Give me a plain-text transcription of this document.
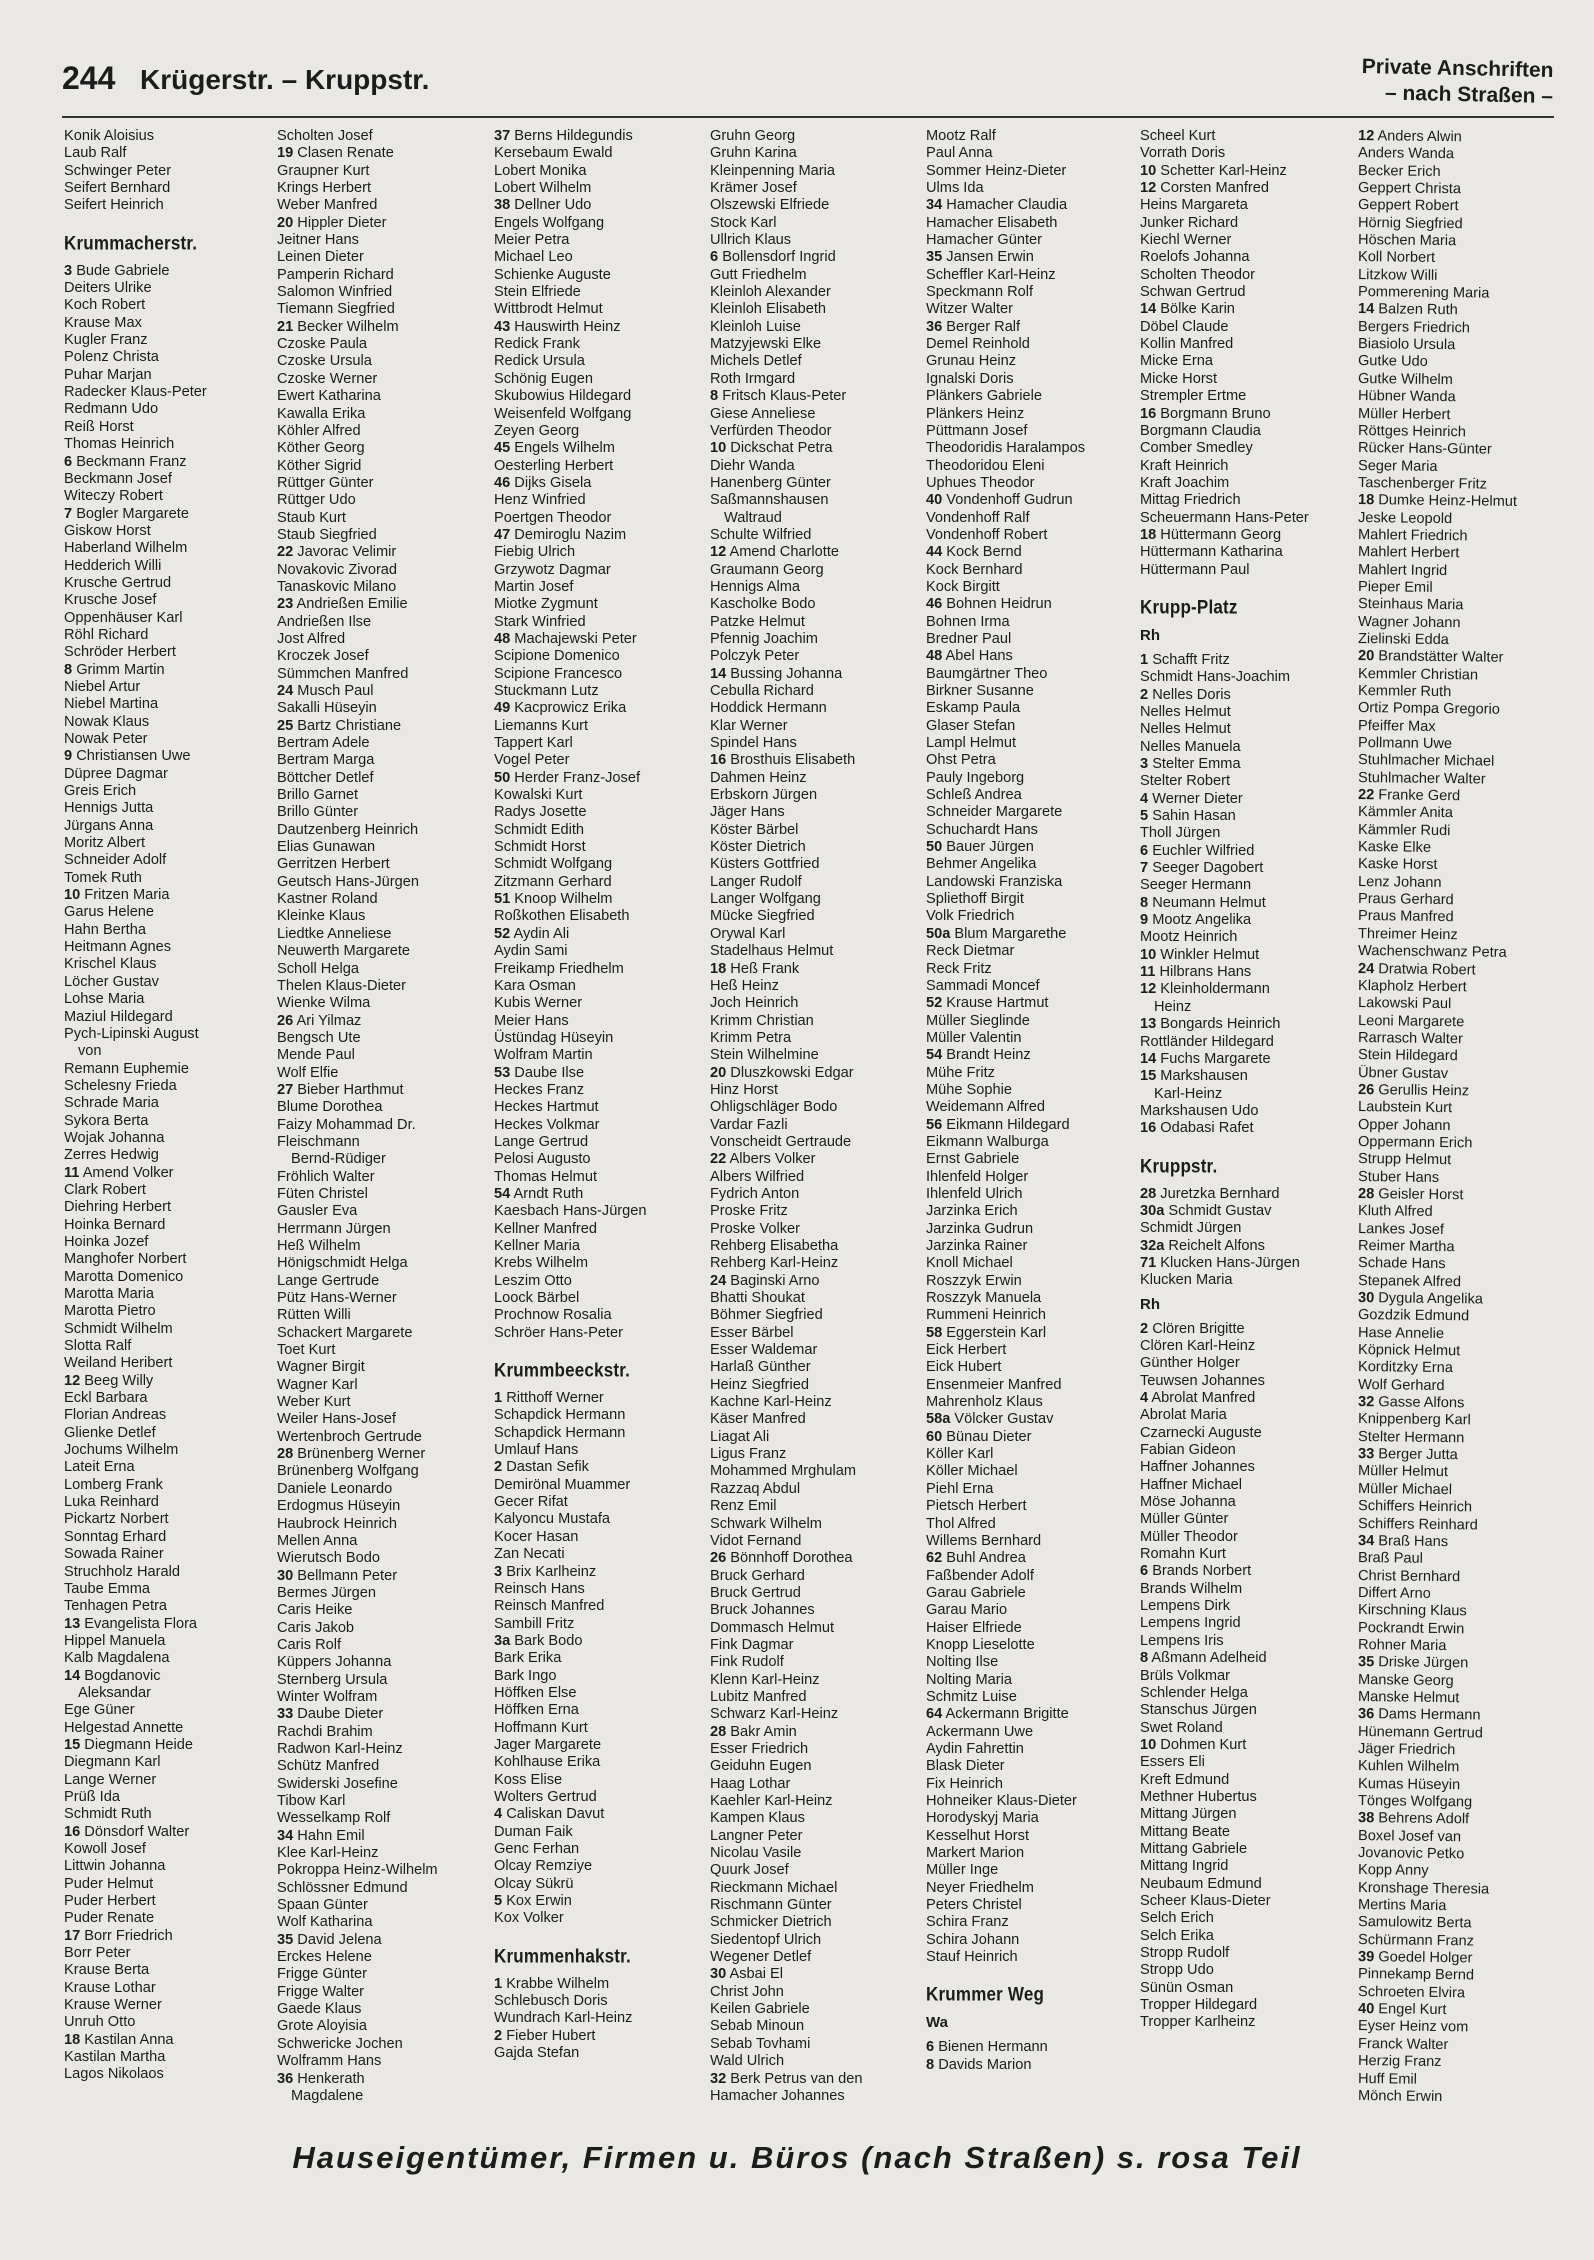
244 Krügerstr. – Kruppstr.	Private Anschriften
– nach Straßen –
Konik Aloisius
Laub Ralf
Schwinger Peter
Seifert Bernhard
Seifert Heinrich
Krummacherstr.
3 Bude Gabriele
Deiters Ulrike
Koch Robert
Krause Max
Kugler Franz
Polenz Christa
Puhar Marjan
Radecker Klaus-Peter
Redmann Udo
Reiß Horst
Thomas Heinrich
6 Beckmann Franz
Beckmann Josef
Witeczy Robert
7 Bogler Margarete
Giskow Horst
Haberland Wilhelm
Hedderich Willi
Krusche Gertrud
Krusche Josef
Oppenhäuser Karl
Röhl Richard
Schröder Herbert
8 Grimm Martin
Niebel Artur
Niebel Martina
Nowak Klaus
Nowak Peter
9 Christiansen Uwe
Düpree Dagmar
Greis Erich
Hennigs Jutta
Jürgans Anna
Moritz Albert
Schneider Adolf
Tomek Ruth
10 Fritzen Maria
Garus Helene
Hahn Bertha
Heitmann Agnes
Krischel Klaus
Löcher Gustav
Lohse Maria
Maziul Hildegard
Pych-Lipinski August
von
Remann Euphemie
Schelesny Frieda
Schrade Maria
Sykora Berta
Wojak Johanna
Zerres Hedwig
11 Amend Volker
Clark Robert
Diehring Herbert
Hoinka Bernard
Hoinka Jozef
Manghofer Norbert
Marotta Domenico
Marotta Maria
Marotta Pietro
Schmidt Wilhelm
Slotta Ralf
Weiland Heribert
12 Beeg Willy
Eckl Barbara
Florian Andreas
Glienke Detlef
Jochums Wilhelm
Lateit Erna
Lomberg Frank
Luka Reinhard
Pickartz Norbert
Sonntag Erhard
Sowada Rainer
Struchholz Harald
Taube Emma
Tenhagen Petra
13 Evangelista Flora
Hippel Manuela
Kalb Magdalena
14 Bogdanovic
Aleksandar
Ege Güner
Helgestad Annette
15 Diegmann Heide
Diegmann Karl
Lange Werner
Prüß Ida
Schmidt Ruth
16 Dönsdorf Walter
Kowoll Josef
Littwin Johanna
Puder Helmut
Puder Herbert
Puder Renate
17 Borr Friedrich
Borr Peter
Krause Berta
Krause Lothar
Krause Werner
Unruh Otto
18 Kastilan Anna
Kastilan Martha
Lagos Nikolaos
Scholten Josef
19 Clasen Renate
Graupner Kurt
Krings Herbert
Weber Manfred
20 Hippler Dieter
Jeitner Hans
Leinen Dieter
Pamperin Richard
Salomon Winfried
Tiemann Siegfried
21 Becker Wilhelm
Czoske Paula
Czoske Ursula
Czoske Werner
Ewert Katharina
Kawalla Erika
Köhler Alfred
Köther Georg
Köther Sigrid
Rüttger Günter
Rüttger Udo
Staub Kurt
Staub Siegfried
22 Javorac Velimir
Novakovic Zivorad
Tanaskovic Milano
23 Andrießen Emilie
Andrießen Ilse
Jost Alfred
Kroczek Josef
Sümmchen Manfred
24 Musch Paul
Sakalli Hüseyin
25 Bartz Christiane
Bertram Adele
Bertram Marga
Böttcher Detlef
Brillo Garnet
Brillo Günter
Dautzenberg Heinrich
Elias Gunawan
Gerritzen Herbert
Geutsch Hans-Jürgen
Kastner Roland
Kleinke Klaus
Liedtke Anneliese
Neuwerth Margarete
Scholl Helga
Thelen Klaus-Dieter
Wienke Wilma
26 Ari Yilmaz
Bengsch Ute
Mende Paul
Wolf Elfie
27 Bieber Harthmut
Blume Dorothea
Faizy Mohammad Dr.
Fleischmann
Bernd-Rüdiger
Fröhlich Walter
Füten Christel
Gausler Eva
Herrmann Jürgen
Heß Wilhelm
Hönigschmidt Helga
Lange Gertrude
Pütz Hans-Werner
Rütten Willi
Schackert Margarete
Toet Kurt
Wagner Birgit
Wagner Karl
Weber Kurt
Weiler Hans-Josef
Wertenbroch Gertrude
28 Brünenberg Werner
Brünenberg Wolfgang
Daniele Leonardo
Erdogmus Hüseyin
Haubrock Heinrich
Mellen Anna
Wierutsch Bodo
30 Bellmann Peter
Bermes Jürgen
Caris Heike
Caris Jakob
Caris Rolf
Küppers Johanna
Sternberg Ursula
Winter Wolfram
33 Daube Dieter
Rachdi Brahim
Radwon Karl-Heinz
Schütz Manfred
Swiderski Josefine
Tibow Karl
Wesselkamp Rolf
34 Hahn Emil
Klee Karl-Heinz
Pokroppa Heinz-Wilhelm
Schlössner Edmund
Spaan Günter
Wolf Katharina
35 David Jelena
Erckes Helene
Frigge Günter
Frigge Walter
Gaede Klaus
Grote Aloyisia
Schwericke Jochen
Wolframm Hans
36 Henkerath
Magdalene
37 Berns Hildegundis
Kersebaum Ewald
Lobert Monika
Lobert Wilhelm
38 Dellner Udo
Engels Wolfgang
Meier Petra
Michael Leo
Schienke Auguste
Stein Elfriede
Wittbrodt Helmut
43 Hauswirth Heinz
Redick Frank
Redick Ursula
Schönig Eugen
Skubowius Hildegard
Weisenfeld Wolfgang
Zeyen Georg
45 Engels Wilhelm
Oesterling Herbert
46 Dijks Gisela
Henz Winfried
Poertgen Theodor
47 Demiroglu Nazim
Fiebig Ulrich
Grzywotz Dagmar
Martin Josef
Miotke Zygmunt
Stark Winfried
48 Machajewski Peter
Scipione Domenico
Scipione Francesco
Stuckmann Lutz
49 Kacprowicz Erika
Liemanns Kurt
Tappert Karl
Vogel Peter
50 Herder Franz-Josef
Kowalski Kurt
Radys Josette
Schmidt Edith
Schmidt Horst
Schmidt Wolfgang
Zitzmann Gerhard
51 Knoop Wilhelm
Roßkothen Elisabeth
52 Aydin Ali
Aydin Sami
Freikamp Friedhelm
Kara Osman
Kubis Werner
Meier Hans
Üstündag Hüseyin
Wolfram Martin
53 Daube Ilse
Heckes Franz
Heckes Hartmut
Heckes Volkmar
Lange Gertrud
Pelosi Augusto
Thomas Helmut
54 Arndt Ruth
Kaesbach Hans-Jürgen
Kellner Manfred
Kellner Maria
Krebs Wilhelm
Leszim Otto
Loock Bärbel
Prochnow Rosalia
Schröer Hans-Peter
Krummbeeckstr.
1 Ritthoff Werner
Schapdick Hermann
Schapdick Hermann
Umlauf Hans
2 Dastan Sefik
Demirönal Muammer
Gecer Rifat
Kalyoncu Mustafa
Kocer Hasan
Zan Necati
3 Brix Karlheinz
Reinsch Hans
Reinsch Manfred
Sambill Fritz
3a Bark Bodo
Bark Erika
Bark Ingo
Höffken Else
Höffken Erna
Hoffmann Kurt
Jager Margarete
Kohlhause Erika
Koss Elise
Wolters Gertrud
4 Caliskan Davut
Duman Faik
Genc Ferhan
Olcay Remziye
Olcay Sükrü
5 Kox Erwin
Kox Volker
Krummenhakstr.
1 Krabbe Wilhelm
Schlebusch Doris
Wundrach Karl-Heinz
2 Fieber Hubert
Gajda Stefan
Gruhn Georg
Gruhn Karina
Kleinpenning Maria
Krämer Josef
Olszewski Elfriede
Stock Karl
Ullrich Klaus
6 Bollensdorf Ingrid
Gutt Friedhelm
Kleinloh Alexander
Kleinloh Elisabeth
Kleinloh Luise
Matzyjewski Elke
Michels Detlef
Roth Irmgard
8 Fritsch Klaus-Peter
Giese Anneliese
Verfürden Theodor
10 Dickschat Petra
Diehr Wanda
Hanenberg Günter
Saßmannshausen
Waltraud
Schulte Wilfried
12 Amend Charlotte
Graumann Georg
Hennigs Alma
Kascholke Bodo
Patzke Helmut
Pfennig Joachim
Polczyk Peter
14 Bussing Johanna
Cebulla Richard
Hoddick Hermann
Klar Werner
Spindel Hans
16 Brosthuis Elisabeth
Dahmen Heinz
Erbskorn Jürgen
Jäger Hans
Köster Bärbel
Köster Dietrich
Küsters Gottfried
Langer Rudolf
Langer Wolfgang
Mücke Siegfried
Orywal Karl
Stadelhaus Helmut
18 Heß Frank
Heß Heinz
Joch Heinrich
Krimm Christian
Krimm Petra
Stein Wilhelmine
20 Dluszkowski Edgar
Hinz Horst
Ohligschläger Bodo
Vardar Fazli
Vonscheidt Gertraude
22 Albers Volker
Albers Wilfried
Fydrich Anton
Proske Fritz
Proske Volker
Rehberg Elisabetha
Rehberg Karl-Heinz
24 Baginski Arno
Bhatti Shoukat
Böhmer Siegfried
Esser Bärbel
Esser Waldemar
Harlaß Günther
Heinz Siegfried
Kachne Karl-Heinz
Käser Manfred
Liagat Ali
Ligus Franz
Mohammed Mrghulam
Razzaq Abdul
Renz Emil
Schwark Wilhelm
Vidot Fernand
26 Bönnhoff Dorothea
Bruck Gerhard
Bruck Gertrud
Bruck Johannes
Dommasch Helmut
Fink Dagmar
Fink Rudolf
Klenn Karl-Heinz
Lubitz Manfred
Schwarz Karl-Heinz
28 Bakr Amin
Esser Friedrich
Geiduhn Eugen
Haag Lothar
Kaehler Karl-Heinz
Kampen Klaus
Langner Peter
Nicolau Vasile
Quurk Josef
Rieckmann Michael
Rischmann Günter
Schmicker Dietrich
Siedentopf Ulrich
Wegener Detlef
30 Asbai El
Christ John
Keilen Gabriele
Sebab Minoun
Sebab Tovhami
Wald Ulrich
32 Berk Petrus van den
Hamacher Johannes
Mootz Ralf
Paul Anna
Sommer Heinz-Dieter
Ulms Ida
34 Hamacher Claudia
Hamacher Elisabeth
Hamacher Günter
35 Jansen Erwin
Scheffler Karl-Heinz
Speckmann Rolf
Witzer Walter
36 Berger Ralf
Demel Reinhold
Grunau Heinz
Ignalski Doris
Plänkers Gabriele
Plänkers Heinz
Püttmann Josef
Theodoridis Haralampos
Theodoridou Eleni
Uphues Theodor
40 Vondenhoff Gudrun
Vondenhoff Ralf
Vondenhoff Robert
44 Kock Bernd
Kock Bernhard
Kock Birgitt
46 Bohnen Heidrun
Bohnen Irma
Bredner Paul
48 Abel Hans
Baumgärtner Theo
Birkner Susanne
Eskamp Paula
Glaser Stefan
Lampl Helmut
Ohst Petra
Pauly Ingeborg
Schleß Andrea
Schneider Margarete
Schuchardt Hans
50 Bauer Jürgen
Behmer Angelika
Landowski Franziska
Spliethoff Birgit
Volk Friedrich
50a Blum Margarethe
Reck Dietmar
Reck Fritz
Sammadi Moncef
52 Krause Hartmut
Müller Sieglinde
Müller Valentin
54 Brandt Heinz
Mühe Fritz
Mühe Sophie
Weidemann Alfred
56 Eikmann Hildegard
Eikmann Walburga
Ernst Gabriele
Ihlenfeld Holger
Ihlenfeld Ulrich
Jarzinka Erich
Jarzinka Gudrun
Jarzinka Rainer
Knoll Michael
Roszzyk Erwin
Roszzyk Manuela
Rummeni Heinrich
58 Eggerstein Karl
Eick Herbert
Eick Hubert
Ensenmeier Manfred
Mahrenholz Klaus
58a Völcker Gustav
60 Bünau Dieter
Köller Karl
Köller Michael
Piehl Erna
Pietsch Herbert
Thol Alfred
Willems Bernhard
62 Buhl Andrea
Faßbender Adolf
Garau Gabriele
Garau Mario
Haiser Elfriede
Knopp Lieselotte
Nolting Ilse
Nolting Maria
Schmitz Luise
64 Ackermann Brigitte
Ackermann Uwe
Aydin Fahrettin
Blask Dieter
Fix Heinrich
Hohneiker Klaus-Dieter
Horodyskyj Maria
Kesselhut Horst
Markert Marion
Müller Inge
Neyer Friedhelm
Peters Christel
Schira Franz
Schira Johann
Stauf Heinrich
Krummer Weg
Wa
6 Bienen Hermann
8 Davids Marion
Scheel Kurt
Vorrath Doris
10 Schetter Karl-Heinz
12 Corsten Manfred
Heins Margareta
Junker Richard
Kiechl Werner
Roelofs Johanna
Scholten Theodor
Schwan Gertrud
14 Bölke Karin
Döbel Claude
Kollin Manfred
Micke Erna
Micke Horst
Strempler Ertme
16 Borgmann Bruno
Borgmann Claudia
Comber Smedley
Kraft Heinrich
Kraft Joachim
Mittag Friedrich
Scheuermann Hans-Peter
18 Hüttermann Georg
Hüttermann Katharina
Hüttermann Paul
Krupp-Platz
Rh
1 Schafft Fritz
Schmidt Hans-Joachim
2 Nelles Doris
Nelles Helmut
Nelles Helmut
Nelles Manuela
3 Stelter Emma
Stelter Robert
4 Werner Dieter
5 Sahin Hasan
Tholl Jürgen
6 Euchler Wilfried
7 Seeger Dagobert
Seeger Hermann
8 Neumann Helmut
9 Mootz Angelika
Mootz Heinrich
10 Winkler Helmut
11 Hilbrans Hans
12 Kleinholdermann
Heinz
13 Bongards Heinrich
Rottländer Hildegard
14 Fuchs Margarete
15 Markshausen
Karl-Heinz
Markshausen Udo
16 Odabasi Rafet
Kruppstr.
28 Juretzka Bernhard
30a Schmidt Gustav
Schmidt Jürgen
32a Reichelt Alfons
71 Klucken Hans-Jürgen
Klucken Maria
Rh
2 Clören Brigitte
Clören Karl-Heinz
Günther Holger
Teuwsen Johannes
4 Abrolat Manfred
Abrolat Maria
Czarnecki Auguste
Fabian Gideon
Haffner Johannes
Haffner Michael
Möse Johanna
Müller Günter
Müller Theodor
Romahn Kurt
6 Brands Norbert
Brands Wilhelm
Lempens Dirk
Lempens Ingrid
Lempens Iris
8 Aßmann Adelheid
Brüls Volkmar
Schlender Helga
Stanschus Jürgen
Swet Roland
10 Dohmen Kurt
Essers Eli
Kreft Edmund
Methner Hubertus
Mittang Jürgen
Mittang Beate
Mittang Gabriele
Mittang Ingrid
Neubaum Edmund
Scheer Klaus-Dieter
Selch Erich
Selch Erika
Stropp Rudolf
Stropp Udo
Sünün Osman
Tropper Hildegard
Tropper Karlheinz
12 Anders Alwin
Anders Wanda
Becker Erich
Geppert Christa
Geppert Robert
Hörnig Siegfried
Höschen Maria
Koll Norbert
Litzkow Willi
Pommerening Maria
14 Balzen Ruth
Bergers Friedrich
Biasiolo Ursula
Gutke Udo
Gutke Wilhelm
Hübner Wanda
Müller Herbert
Röttges Heinrich
Rücker Hans-Günter
Seger Maria
Taschenberger Fritz
18 Dumke Heinz-Helmut
Jeske Leopold
Mahlert Friedrich
Mahlert Herbert
Mahlert Ingrid
Pieper Emil
Steinhaus Maria
Wagner Johann
Zielinski Edda
20 Brandstätter Walter
Kemmler Christian
Kemmler Ruth
Ortiz Pompa Gregorio
Pfeiffer Max
Pollmann Uwe
Stuhlmacher Michael
Stuhlmacher Walter
22 Franke Gerd
Kämmler Anita
Kämmler Rudi
Kaske Elke
Kaske Horst
Lenz Johann
Praus Gerhard
Praus Manfred
Threimer Heinz
Wachenschwanz Petra
24 Dratwia Robert
Klapholz Herbert
Lakowski Paul
Leoni Margarete
Rarrasch Walter
Stein Hildegard
Übner Gustav
26 Gerullis Heinz
Laubstein Kurt
Opper Johann
Oppermann Erich
Strupp Helmut
Stuber Hans
28 Geisler Horst
Kluth Alfred
Lankes Josef
Reimer Martha
Schade Hans
Stepanek Alfred
30 Dygula Angelika
Gozdzik Edmund
Hase Annelie
Köpnick Helmut
Korditzky Erna
Wolf Gerhard
32 Gasse Alfons
Knippenberg Karl
Stelter Hermann
33 Berger Jutta
Müller Helmut
Müller Michael
Schiffers Heinrich
Schiffers Reinhard
34 Braß Hans
Braß Paul
Christ Bernhard
Differt Arno
Kirschning Klaus
Pockrandt Erwin
Rohner Maria
35 Driske Jürgen
Manske Georg
Manske Helmut
36 Dams Hermann
Hünemann Gertrud
Jäger Friedrich
Kuhlen Wilhelm
Kumas Hüseyin
Tönges Wolfgang
38 Behrens Adolf
Boxel Josef van
Jovanovic Petko
Kopp Anny
Kronshage Theresia
Mertins Maria
Samulowitz Berta
Schürmann Franz
39 Goedel Holger
Pinnekamp Bernd
Schroeten Elvira
40 Engel Kurt
Eyser Heinz vom
Franck Walter
Herzig Franz
Huff Emil
Mönch Erwin
Hauseigentümer, Firmen u. Büros (nach Straßen) s. rosa Teil
